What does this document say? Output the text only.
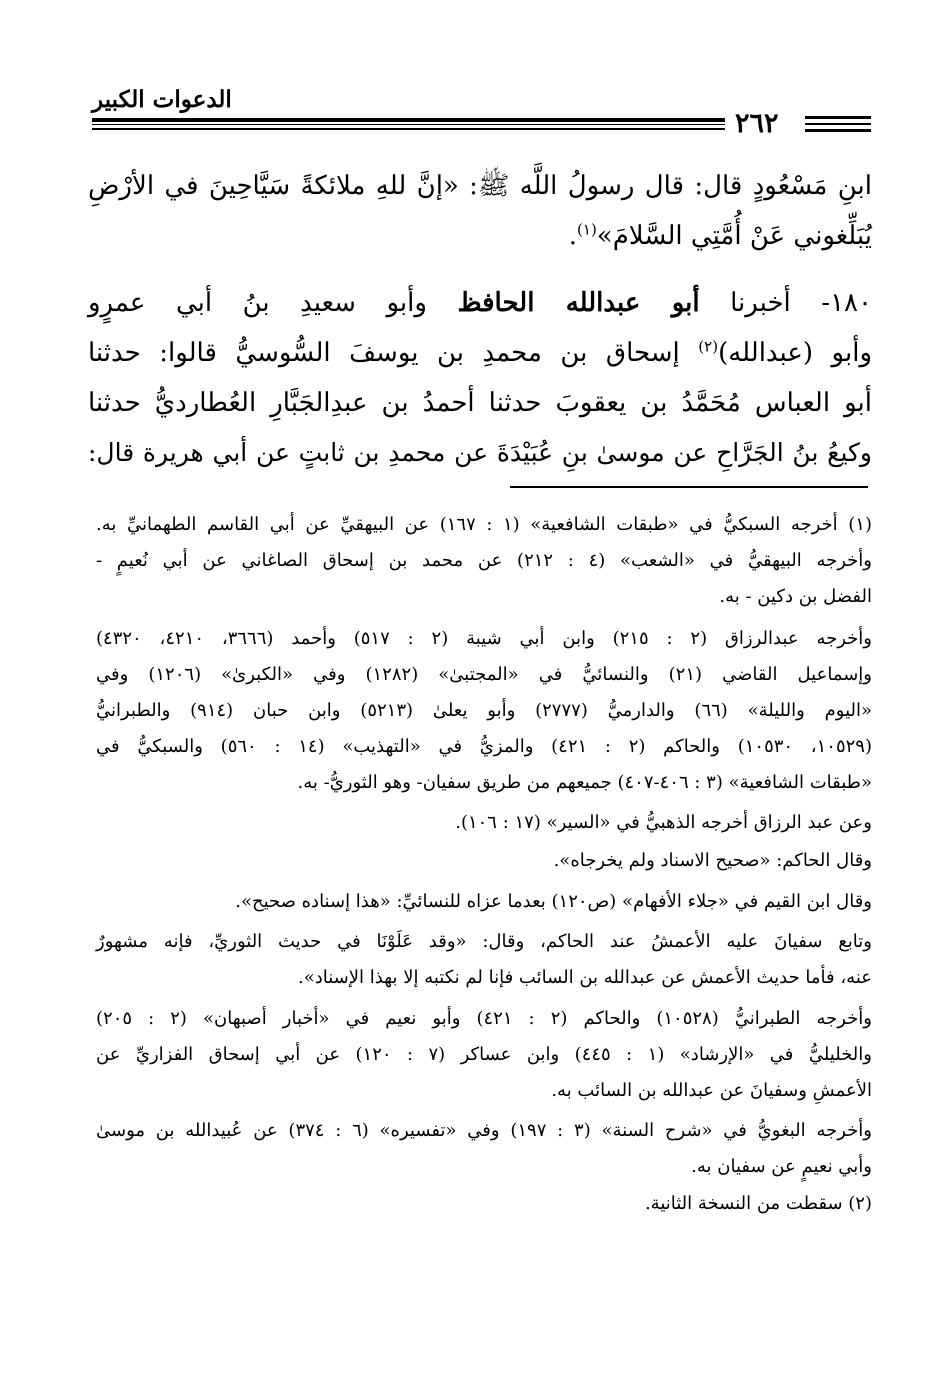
الدعوات الكبير
٢٦٢
ابنِ مَسْعُودٍ قال: قال رسولُ اللَّه ﷺ: «إنَّ للهِ ملائكةً سَيَّاحِينَ في الأرْضِ
يُبَلِّغوني عَنْ أُمَّتِي السَّلامَ»$^{(١)}$.
١٨٠- أخبرنا أبو عبدالله الحافظ وأبو سعيدِ بنُ أبي عمرٍو
وأبو (عبدالله)$^{(٢)}$ إسحاق بن محمدِ بن يوسفَ السُّوسيُّ قالوا: حدثنا
أبو العباس مُحَمَّدُ بن يعقوبَ حدثنا أحمدُ بن عبدِالجَبَّارِ العُطارديُّ حدثنا
وكيعُ بنُ الجَرَّاحِ عن موسىٰ بنِ عُبَيْدَةَ عن محمدِ بن ثابتٍ عن أبي هريرة قال:
(١) أخرجه السبكيُّ في «طبقات الشافعية» (١ : ١٦٧) عن البيهقيِّ عن أبي القاسم الطهمانيِّ به.
وأخرجه البيهقيُّ في «الشعب» (٤ : ٢١٢) عن محمد بن إسحاق الصاغاني عن أبي نُعيمٍ -
الفضل بن دكين - به.
وأخرجه عبدالرزاق (٢ : ٢١٥) وابن أبي شيبة (٢ : ٥١٧) وأحمد (٣٦٦٦، ٤٢١٠، ٤٣٢٠)
وإسماعيل القاضي (٢١) والنسائيُّ في «المجتبىٰ» (١٢٨٢) وفي «الكبرىٰ» (١٢٠٦) وفي
«اليوم والليلة» (٦٦) والدارميُّ (٢٧٧٧) وأبو يعلىٰ (٥٢١٣) وابن حبان (٩١٤) والطبرانيُّ
(١٠٥٢٩، ١٠٥٣٠) والحاكم (٢ : ٤٢١) والمزيُّ في «التهذيب» (١٤ : ٥٦٠) والسبكيُّ في
«طبقات الشافعية» (٣ : ٤٠٦-٤٠٧) جميعهم من طريق سفيان- وهو الثوريُّ- به.
وعن عبد الرزاق أخرجه الذهبيُّ في «السير» (١٧ : ١٠٦).
وقال الحاكم: «صحيح الاسناد ولم يخرجاه».
وقال ابن القيم في «جلاء الأفهام» (ص١٢٠) بعدما عزاه للنسائيِّ: «هذا إسناده صحيح».
وتابع سفيانَ عليه الأعمشُ عند الحاكم، وقال: «وقد عَلَوْنَا في حديث الثوريِّ، فإنه مشهورٌ
عنه، فأما حديث الأعمش عن عبدالله بن السائب فإنا لم نكتبه إلا بهذا الإسناد».
وأخرجه الطبرانيُّ (١٠٥٢٨) والحاكم (٢ : ٤٢١) وأبو نعيم في «أخبار أصبهان» (٢ : ٢٠٥)
والخليليُّ في «الإرشاد» (١ : ٤٤٥) وابن عساكر (٧ : ١٢٠) عن أبي إسحاق الفزاريِّ عن
الأعمشِ وسفيانَ عن عبدالله بن السائب به.
وأخرجه البغويُّ في «شرح السنة» (٣ : ١٩٧) وفي «تفسيره» (٦ : ٣٧٤) عن عُبيدالله بن موسىٰ
وأبي نعيمٍ عن سفيان به.
(٢) سقطت من النسخة الثانية.
